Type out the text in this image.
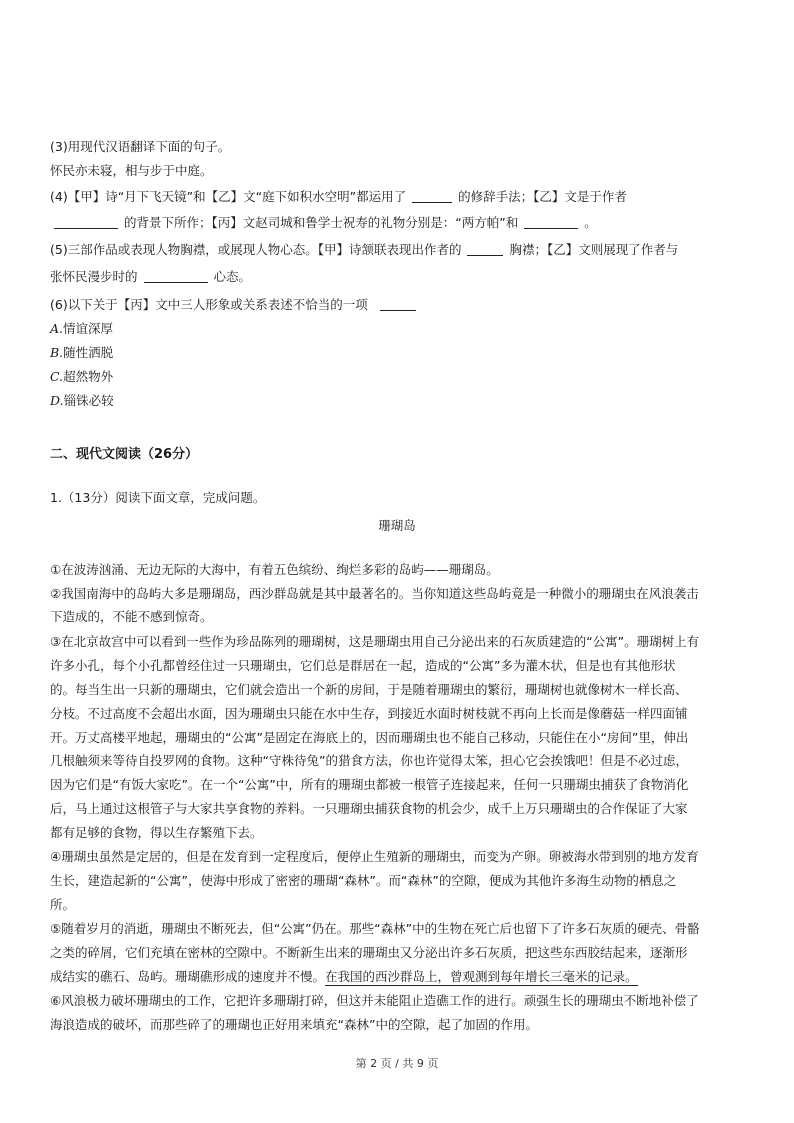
(3)用现代汉语翻译下面的句子。
怀民亦未寝，相与步于中庭。
(4)【甲】诗“月下飞天镜”和【乙】文“庭下如积水空明”都运用了	的修辞手法；【乙】文是于作者
的背景下所作；【丙】文赵司城和鲁学士祝寿的礼物分别是：“两方帕”和	。
(5)三部作品或表现人物胸襟，或展现人物心态。【甲】诗颔联表现出作者的	胸襟；【乙】文则展现了作者与
张怀民漫步时的	心态。
(6)以下关于【丙】文中三人形象或关系表述不恰当的一项
A.情谊深厚
B.随性洒脱
C.超然物外
D.锱铢必较
二、现代文阅读（26分）
1.（13分）阅读下面文章，完成问题。
珊瑚岛
①在波涛汹涌、无边无际的大海中，有着五色缤纷、绚烂多彩的岛屿——珊瑚岛。
②我国南海中的岛屿大多是珊瑚岛，西沙群岛就是其中最著名的。当你知道这些岛屿竟是一种微小的珊瑚虫在风浪袭击
下造成的，不能不感到惊奇。
③在北京故宫中可以看到一些作为珍品陈列的珊瑚树，这是珊瑚虫用自己分泌出来的石灰质建造的“公寓”。珊瑚树上有
许多小孔，每个小孔都曾经住过一只珊瑚虫，它们总是群居在一起，造成的“公寓”多为灌木状，但是也有其他形状
的。每当生出一只新的珊瑚虫，它们就会造出一个新的房间，于是随着珊瑚虫的繁衍，珊瑚树也就像树木一样长高、
分枝。不过高度不会超出水面，因为珊瑚虫只能在水中生存，到接近水面时树枝就不再向上长而是像蘑菇一样四面铺
开。万丈高楼平地起，珊瑚虫的“公寓”是固定在海底上的，因而珊瑚虫也不能自己移动，只能住在小“房间”里，伸出
几根触须来等待自投罗网的食物。这种“守株待兔”的猎食方法，你也许觉得太笨，担心它会挨饿吧！但是不必过虑，
因为它们是“有饭大家吃”。在一个“公寓”中，所有的珊瑚虫都被一根管子连接起来，任何一只珊瑚虫捕获了食物消化
后，马上通过这根管子与大家共享食物的养料。一只珊瑚虫捕获食物的机会少，成千上万只珊瑚虫的合作保证了大家
都有足够的食物，得以生存繁殖下去。
④珊瑚虫虽然是定居的，但是在发育到一定程度后，便停止生殖新的珊瑚虫，而变为产卵。卵被海水带到别的地方发育
生长，建造起新的“公寓”，使海中形成了密密的珊瑚“森林”。而“森林”的空隙，便成为其他许多海生动物的栖息之
所。
⑤随着岁月的消逝，珊瑚虫不断死去，但“公寓”仍在。那些“森林”中的生物在死亡后也留下了许多石灰质的硬壳、骨骼
之类的碎屑，它们充填在密林的空隙中。不断新生出来的珊瑚虫又分泌出许多石灰质，把这些东西胶结起来，逐渐形
成结实的礁石、岛屿。珊瑚礁形成的速度并不慢。在我国的西沙群岛上，曾观测到每年增长三毫米的记录。
⑥风浪极力破坏珊瑚虫的工作，它把许多珊瑚打碎，但这并未能阻止造礁工作的进行。顽强生长的珊瑚虫不断地补偿了
海浪造成的破坏，而那些碎了的珊瑚也正好用来填充“森林”中的空隙，起了加固的作用。
第 2 页 / 共 9 页
